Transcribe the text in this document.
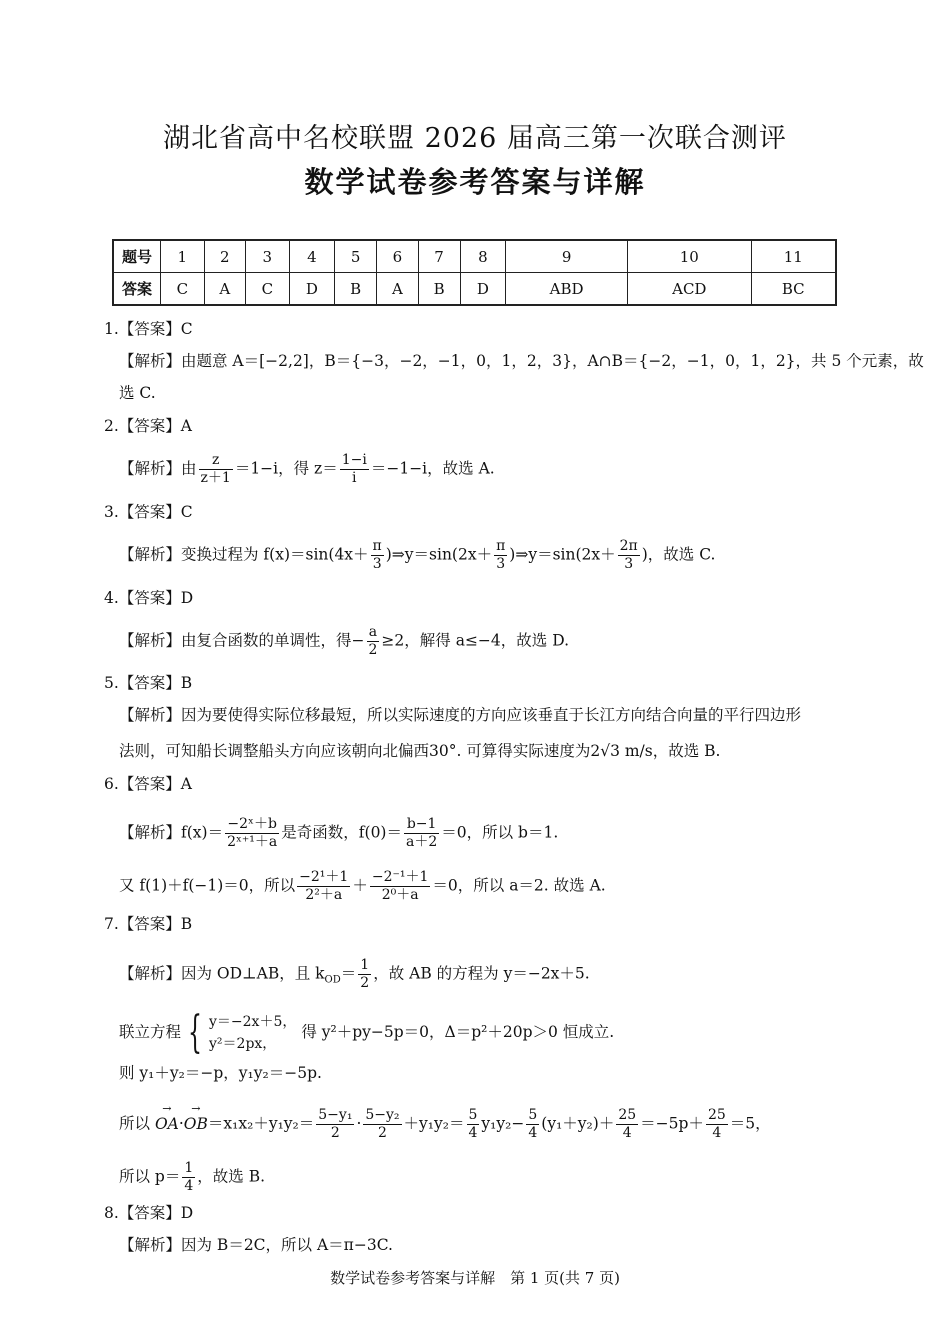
湖北省高中名校联盟 2026 届高三第一次联合测评
数学试卷参考答案与详解
题号	1	2	3	4	5	6	7	8	9	10	11
答案	C	A	C	D	B	A	B	D	ABD	ACD	BC
1.【答案】C
【解析】由题意 A＝[−2,2]，B＝{−3，−2，−1，0，1，2，3}，A∩B＝{−2，−1，0，1，2}，共 5 个元素，故
选 C.
2.【答案】A
【解析】由 $\frac{z}{z+1} =1-i$，得 $z= \frac{1-i}{i} =-1-i$，故选 A.
3.【答案】C
【解析】变换过程为 $f(x)=\sin(4x+ \frac{\pi}{3}$ )⇒y＝sin(2x＋ $\frac{\pi}{3}$ )⇒y＝sin(2x＋ $\frac{2\pi}{3}$ )，故选 C.
4.【答案】D
【解析】由复合函数的单调性，得− $\frac{a}{2} \ge 2$，解得 a≤−4，故选 D.
5.【答案】B
【解析】因为要使得实际位移最短，所以实际速度的方向应该垂直于长江方向结合向量的平行四边形
法则，可知船长调整船头方向应该朝向北偏西30°. 可算得实际速度为2√3 m/s，故选 B.
6.【答案】A
【解析】$f(x)= \frac{\text{−2ˣ＋b}}{\text{2ˣ⁺¹＋a}}$ 是奇函数，$f(0)= \frac{b-1}{a+2} =0$，所以 b＝1.
又 f(1)＋f(−1)＝0，所以 $\frac{\text{−2¹＋1}}{\text{2²＋a}} + \frac{\text{−2⁻¹＋1}}{\text{2⁰＋a}} =0$，所以 a＝2. 故选 A.
7.【答案】B
【解析】因为 OD⊥AB，且 $k_{OD}= \frac{1}{2}$ ，故 AB 的方程为 y＝−2x＋5.
联立方程 { y＝−2x＋5，
y²＝2px，
得 y²＋py−5p＝0，Δ＝p²＋20p＞0 恒成立.
则 y₁＋y₂＝−p，y₁y₂＝−5p.
所以 → $OA\cdot\to OB=x_1x_2+y_1y_2= \frac{\text{5−y₁}}{2} \cdot \frac{\text{5−y₂}}{2} +y_1y_2= \frac{5}{4} y_1y_2- \frac{5}{4} (y_1+y_2)+ \frac{25}{4} =-5p+ \frac{25}{4} =5$，
所以 $p= \frac{1}{4}$ ，故选 B.
8.【答案】D
【解析】因为 B＝2C，所以 A＝π−3C.
数学试卷参考答案与详解　第 1 页(共 7 页)
